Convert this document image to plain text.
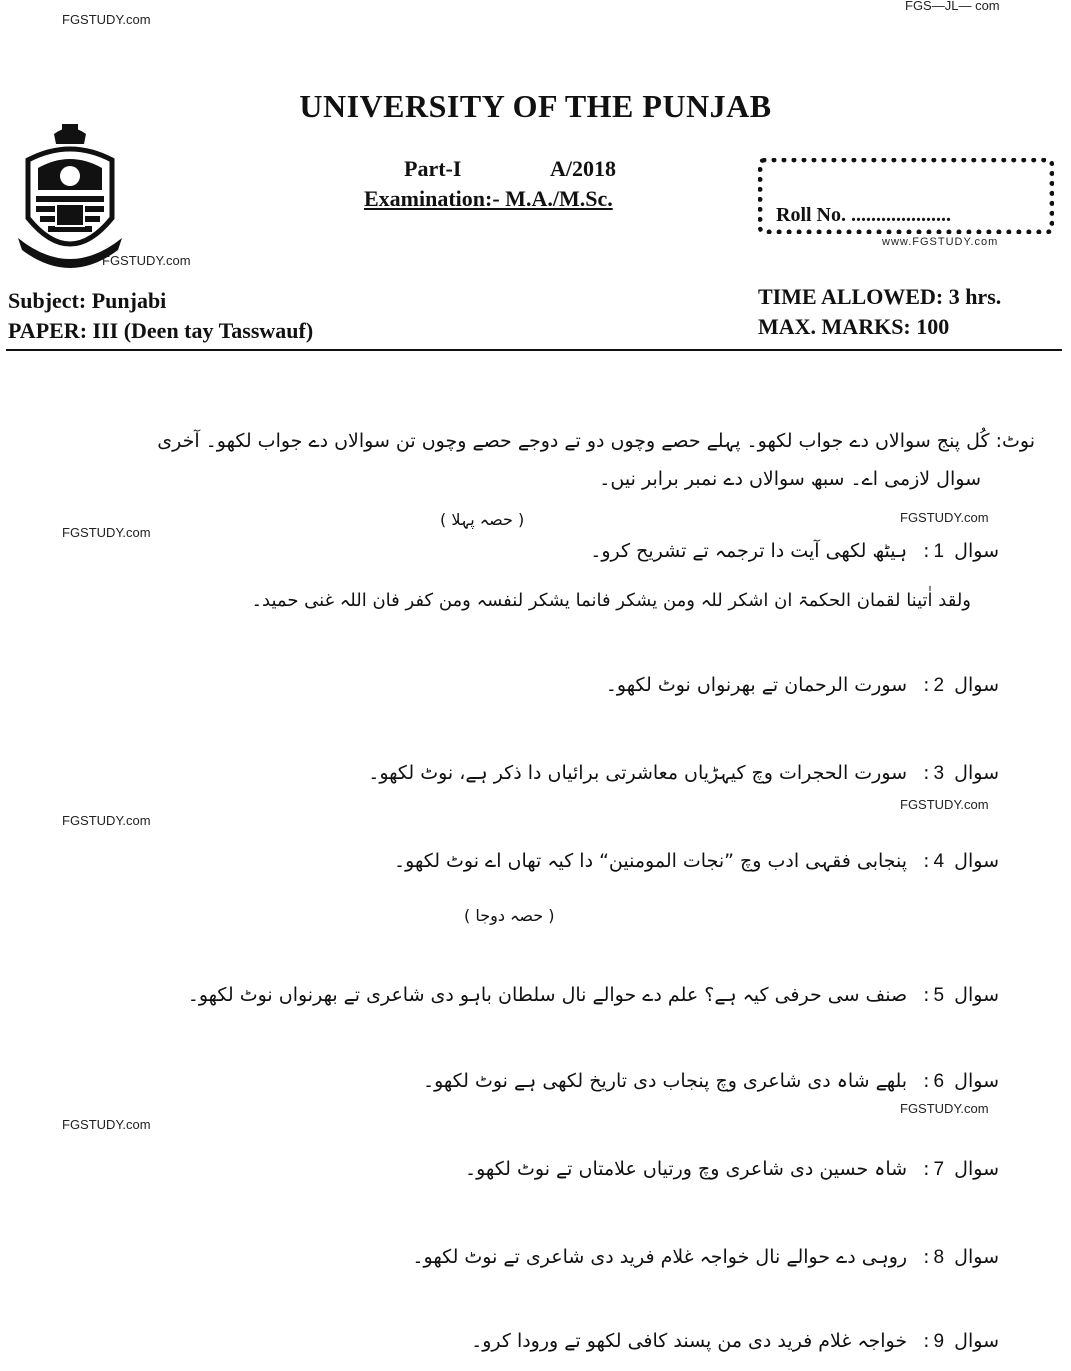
FGSTUDY.com
FGS—JL— com
FGSTUDY.com
www.FGSTUDY.com
FGSTUDY.com
FGSTUDY.com
FGSTUDY.com
FGSTUDY.com
FGSTUDY.com
FGSTUDY.com
UNIVERSITY OF THE PUNJAB
Part-I	A/2018
Examination:- M.A./M.Sc.
Roll No. ....................
Subject: Punjabi
PAPER: III (Deen tay Tasswauf)
TIME ALLOWED: 3 hrs.
MAX. MARKS: 100
نوٹ: کُل پنج سوالاں دے جواب لکھو۔ پہلے حصے وچوں دو تے دوجے حصے وچوں تن سوالاں دے جواب لکھو۔ آخری
سوال لازمی اے۔ سبھ سوالاں دے نمبر برابر نیں۔
( حصہ پہلا )
سوال 1: ہیٹھ لکھی آیت دا ترجمہ تے تشریح کرو۔
ولقد اٰتینا لقمان الحکمۃ ان اشکر للہ ومن یشکر فانما یشکر لنفسہ ومن کفر فان اللہ غنی حمید۔
سوال 2: سورت الرحمان تے بھرنواں نوٹ لکھو۔
سوال 3: سورت الحجرات وچ کیہڑیاں معاشرتی برائیاں دا ذکر ہے، نوٹ لکھو۔
سوال 4: پنجابی فقہی ادب وچ ”نجات المومنین“ دا کیہ تھاں اے نوٹ لکھو۔
( حصہ دوجا )
سوال 5: صنف سی حرفی کیہ ہے؟ علم دے حوالے نال سلطان باہو دی شاعری تے بھرنواں نوٹ لکھو۔
سوال 6: بلھے شاہ دی شاعری وچ پنجاب دی تاریخ لکھی ہے نوٹ لکھو۔
سوال 7: شاہ حسین دی شاعری وچ ورتیاں علامتاں تے نوٹ لکھو۔
سوال 8: روہی دے حوالے نال خواجہ غلام فرید دی شاعری تے نوٹ لکھو۔
سوال 9: خواجہ غلام فرید دی من پسند کافی لکھو تے ورودا کرو۔
